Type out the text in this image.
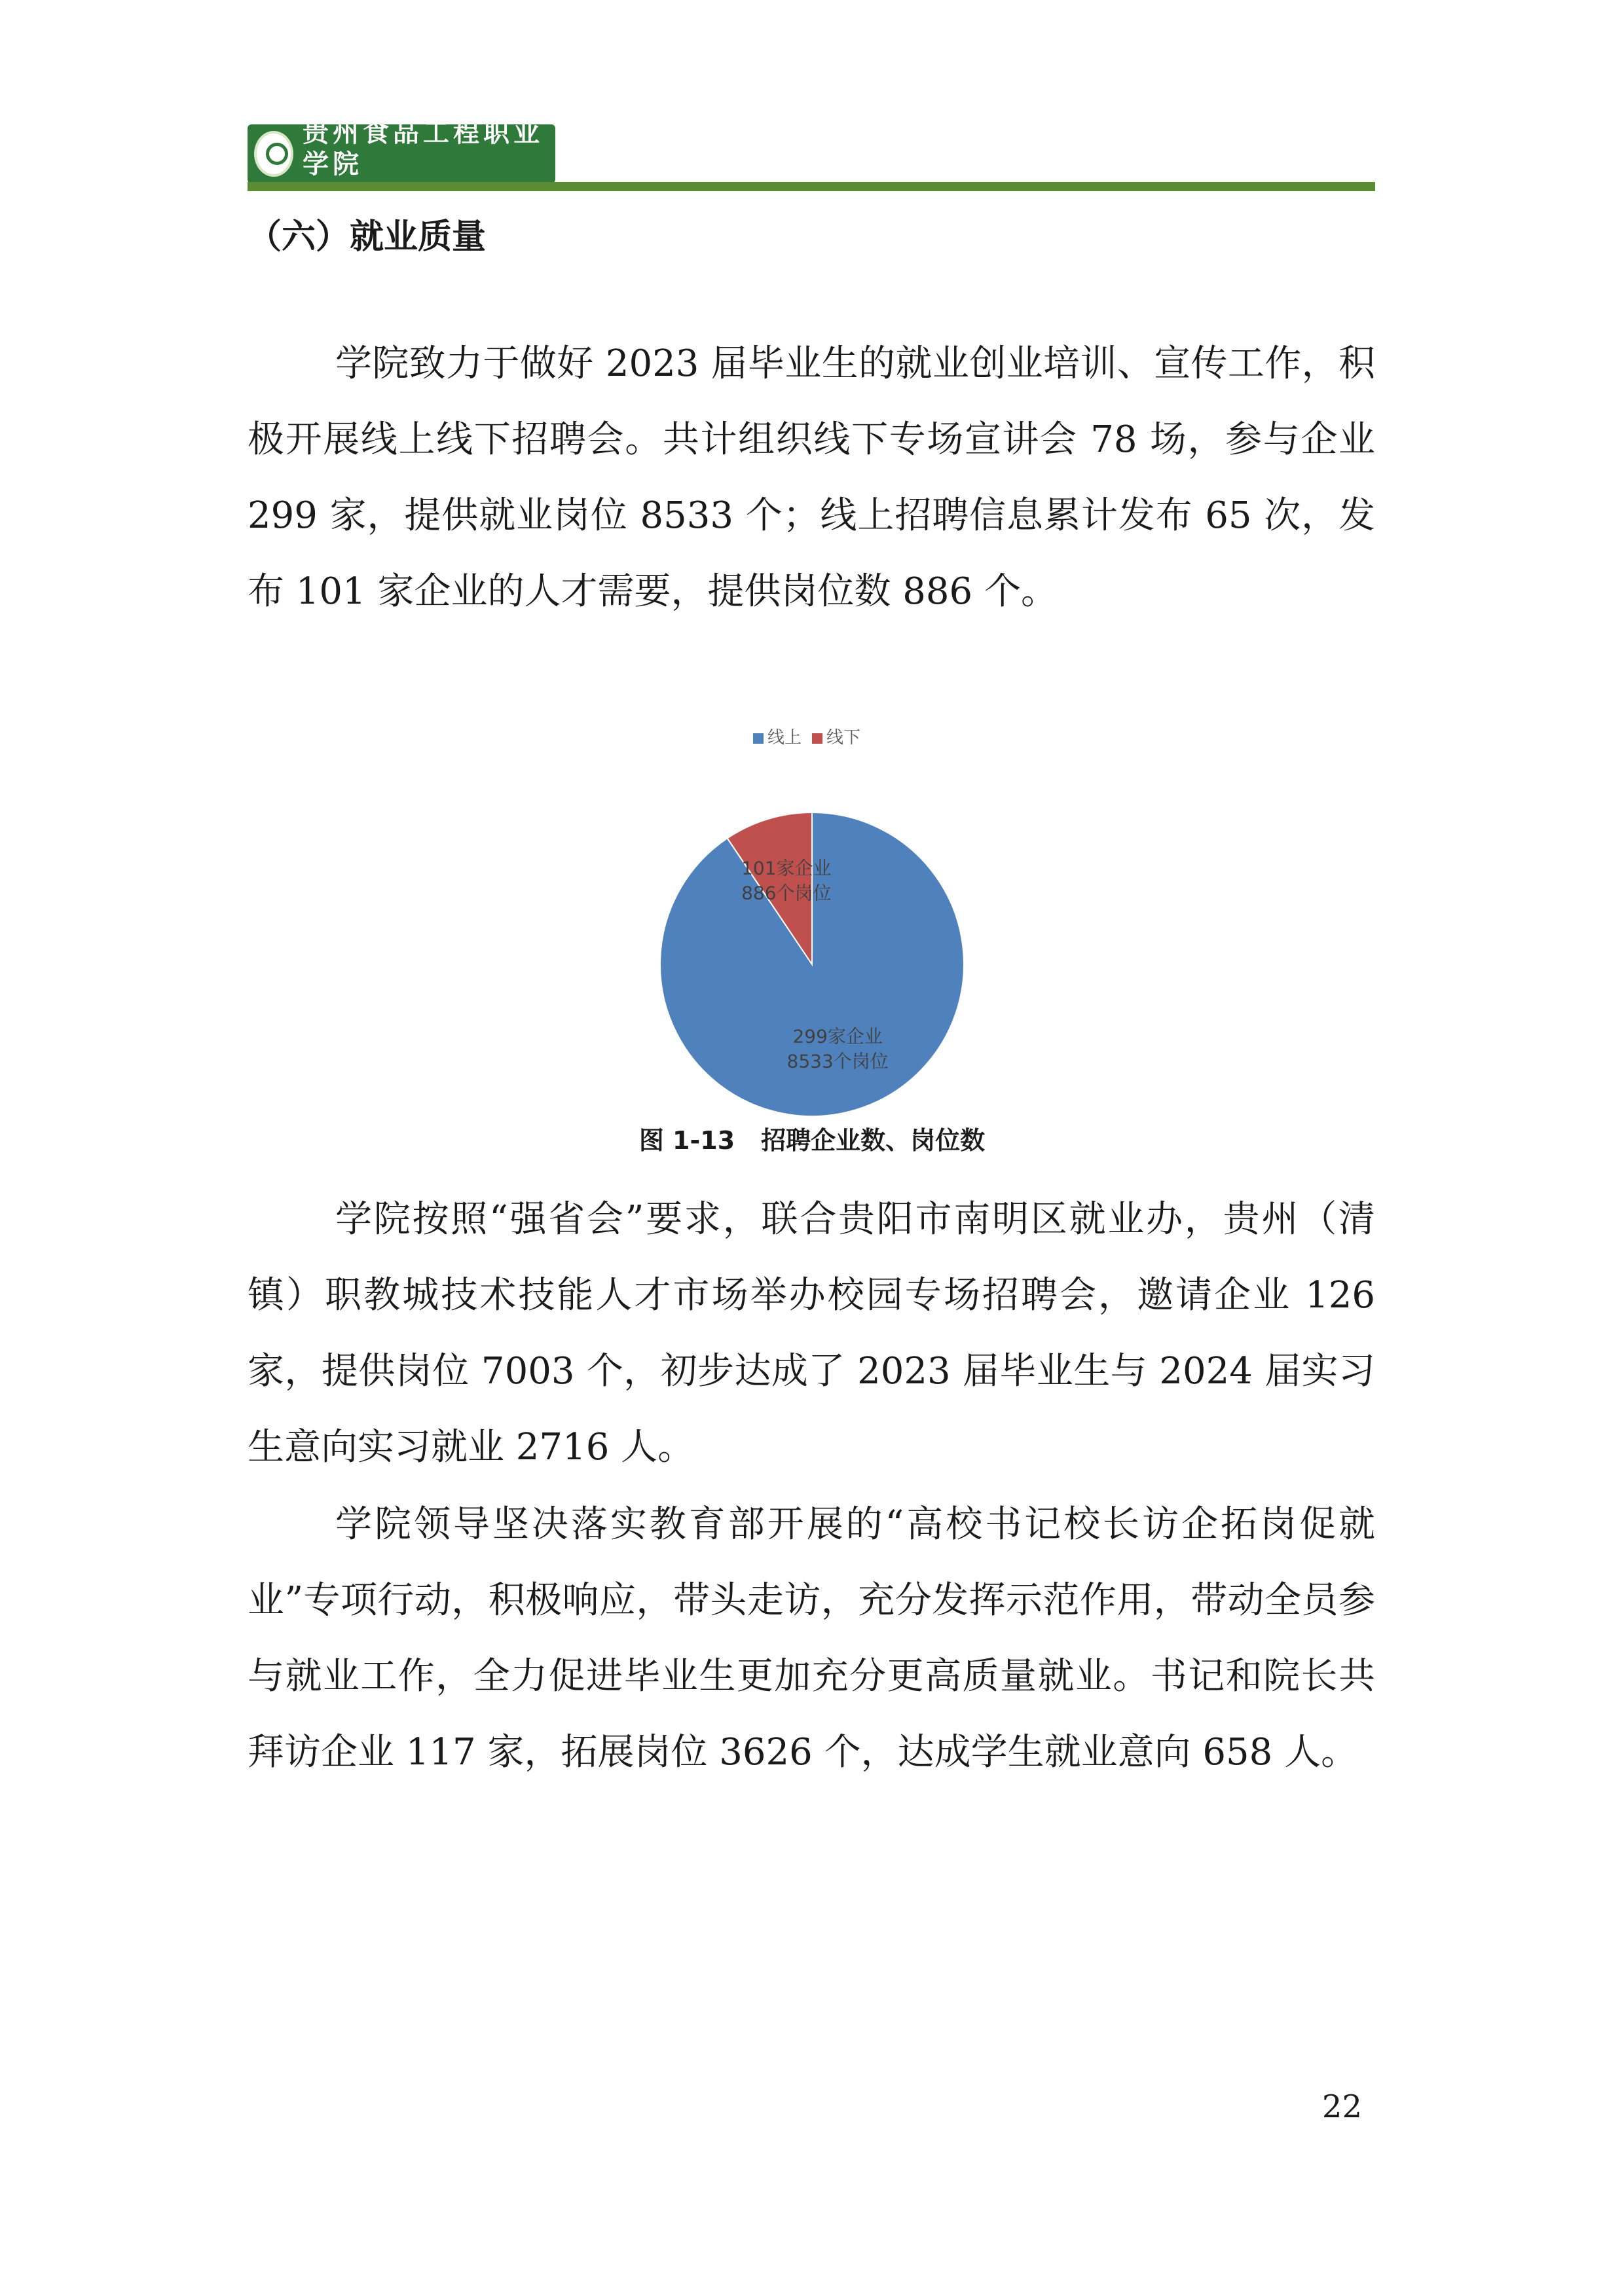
贵州食品工程职业学院
（六）就业质量

学院致力于做好 2023 届毕业生的就业创业培训、宣传工作，积极开展线上线下招聘会。共计组织线下专场宣讲会 78 场，参与企业 299 家，提供就业岗位 8533 个；线上招聘信息累计发布 65 次，发布 101 家企业的人才需要，提供岗位数 886 个。

线上 线下
299家企业
8533个岗位
101家企业
886个岗位
图 1-13 招聘企业数、岗位数

学院按照“强省会”要求，联合贵阳市南明区就业办，贵州（清镇）职教城技术技能人才市场举办校园专场招聘会，邀请企业 126 家，提供岗位 7003 个，初步达成了 2023 届毕业生与 2024 届实习生意向实习就业 2716 人。

学院领导坚决落实教育部开展的“高校书记校长访企拓岗促就业”专项行动，积极响应，带头走访，充分发挥示范作用，带动全员参与就业工作，全力促进毕业生更加充分更高质量就业。书记和院长共拜访企业 117 家，拓展岗位 3626 个，达成学生就业意向 658 人。

22
